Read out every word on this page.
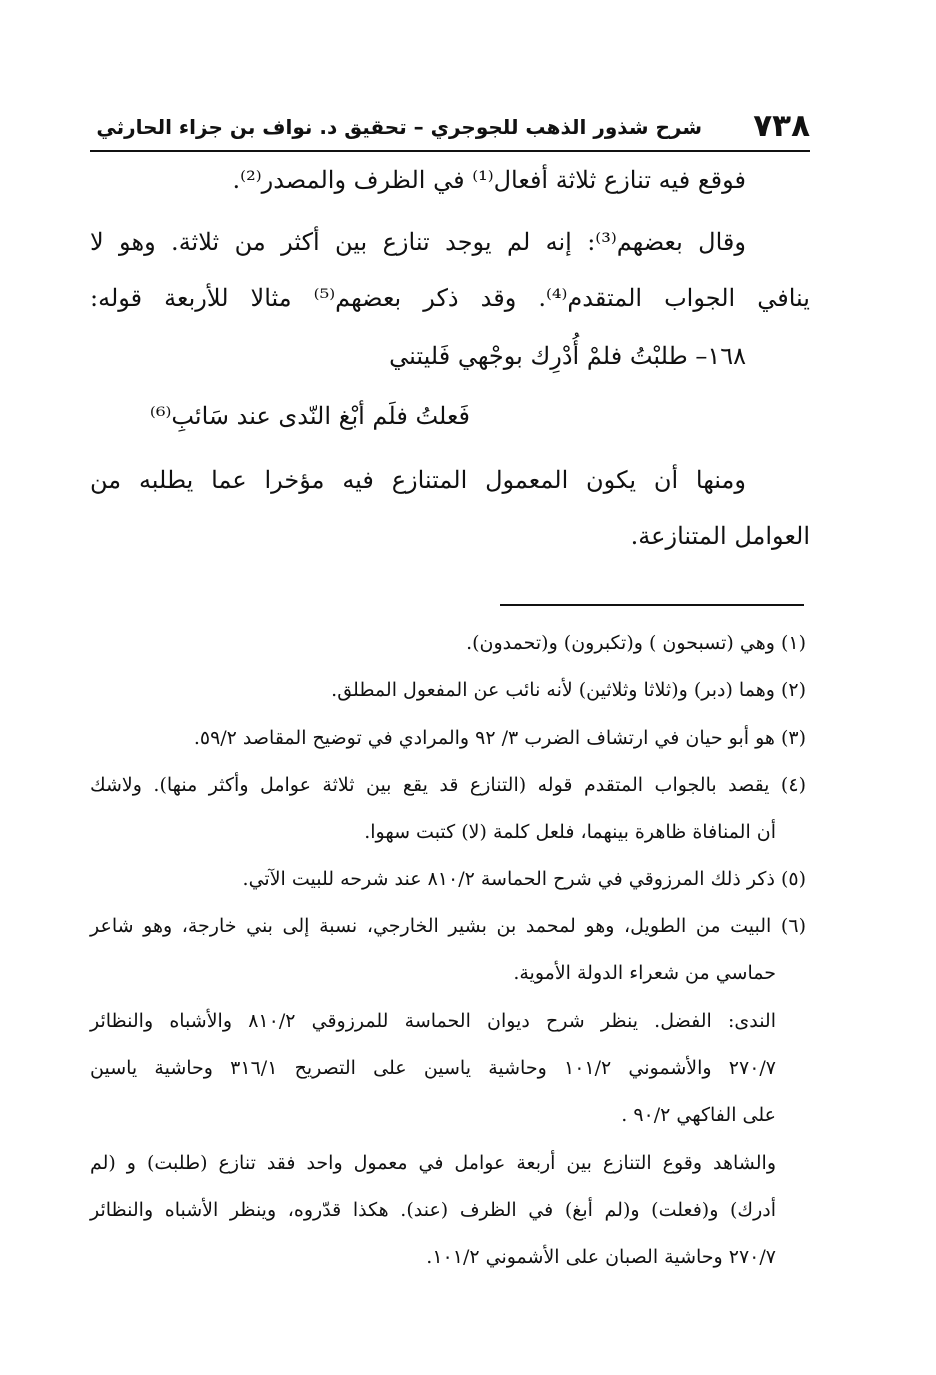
٧٣٨
شرح شذور الذهب للجوجري – تحقيق د. نواف بن جزاء الحارثي
فوقع فيه تنازع ثلاثة أفعال⁽¹⁾ في الظرف والمصدر⁽²⁾.
وقال بعضهم⁽³⁾: إنه لم يوجد تنازع بين أكثر من ثلاثة. وهو لا
ينافي الجواب المتقدم⁽⁴⁾. وقد ذكر بعضهم⁽⁵⁾ مثالا للأربعة قوله:
١٦٨– طلبْتُ فلمْ أُدْرِك بوجْهي فَليتني
فَعلتُ فلَم أبْغ النّدى عند سَائبِ⁽⁶⁾
ومنها أن يكون المعمول المتنازع فيه مؤخرا عما يطلبه من
العوامل المتنازعة.
(١) وهي (تسبحون ) و(تكبرون) و(تحمدون).
(٢) وهما (دبر) و(ثلاثا وثلاثين) لأنه نائب عن المفعول المطلق.
(٣) هو أبو حيان في ارتشاف الضرب ٣/ ٩٢ والمرادي في توضيح المقاصد ٥٩/٢.
(٤) يقصد بالجواب المتقدم قوله (التنازع قد يقع بين ثلاثة عوامل وأكثر منها). ولاشك
أن المنافاة ظاهرة بينهما، فلعل كلمة (لا) كتبت سهوا.
(٥) ذكر ذلك المرزوقي في شرح الحماسة ٨١٠/٢ عند شرحه للبيت الآتي.
(٦) البيت من الطويل، وهو لمحمد بن بشير الخارجي، نسبة إلى بني خارجة، وهو شاعر
حماسي من شعراء الدولة الأموية.
الندى: الفضل. ينظر شرح ديوان الحماسة للمرزوقي ٨١٠/٢ والأشباه والنظائر
٢٧٠/٧ والأشموني ١٠١/٢ وحاشية ياسين على التصريح ٣١٦/١ وحاشية ياسين
على الفاكهي ٩٠/٢ .
والشاهد وقوع التنازع بين أربعة عوامل في معمول واحد فقد تنازع (طلبت) و (لم
أدرك) و(فعلت) و(لم أبغ) في الظرف (عند). هكذا قدّروه، وينظر الأشباه والنظائر
٢٧٠/٧ وحاشية الصبان على الأشموني ١٠١/٢.
